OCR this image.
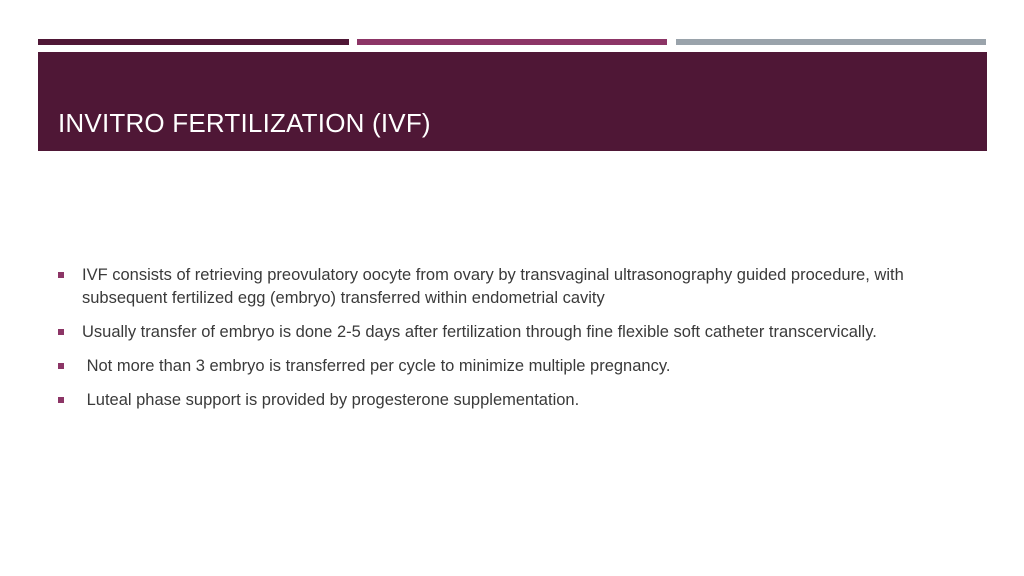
INVITRO FERTILIZATION (IVF)
IVF consists of retrieving preovulatory oocyte from ovary by transvaginal ultrasonography guided procedure, with subsequent fertilized egg (embryo) transferred within endometrial cavity
Usually transfer of embryo is done 2-5 days after fertilization through fine flexible soft catheter transcervically.
Not more than 3 embryo is transferred per cycle to minimize multiple pregnancy.
Luteal phase support is provided by progesterone supplementation.
